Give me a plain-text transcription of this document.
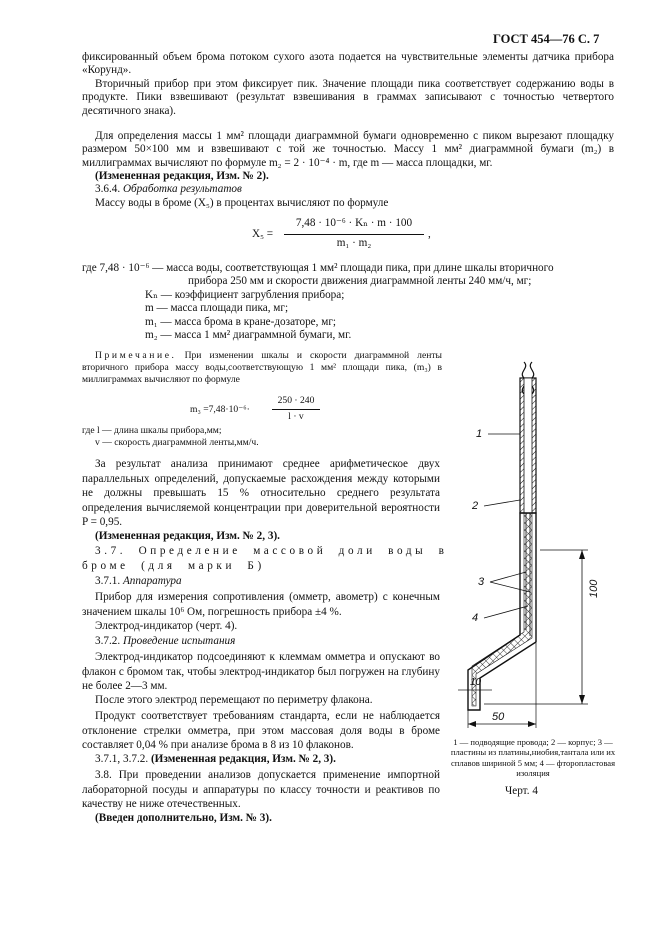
ГОСТ 454—76 С. 7
фиксированный объем брома потоком сухого азота подается на чувствительные элементы датчика прибора «Корунд».
Вторичный прибор при этом фиксирует пик. Значение площади пика соответствует содержанию воды в продукте. Пики взвешивают (результат взвешивания в граммах записывают с точностью четвертого десятичного знака).
Для определения массы 1 мм² площади диаграммной бумаги одновременно с пиком вырезают площадку размером 50×100 мм и взвешивают с той же точностью. Массу 1 мм² диаграммной бумаги (m₂) в миллиграммах вычисляют по формуле m₂ = 2 · 10⁻⁴ · m, где m — масса площадки, мг.
(Измененная редакция, Изм. № 2).
3.6.4. Обработка результатов
Массу воды в броме (X₅) в процентах вычисляют по формуле
X₅ =
7,48 · 10⁻⁶ · Kₙ · m · 100
m₁ · m₂
,
где 7,48 · 10⁻⁶ — масса воды, соответствующая 1 мм² площади пика, при длине шкалы вторичного
прибора 250 мм и скорости движения диаграммной ленты 240 мм/ч, мг;
Kₙ — коэффициент загрубления прибора;
m — масса площади пика, мг;
m₁ — масса брома в кране-дозаторе, мг;
m₂ — масса 1 мм² диаграммной бумаги, мг.
Примечание. При изменении шкалы и скорости диаграммной ленты вторичного прибора массу воды,соответствующую 1 мм² площади пика, (m₃) в миллиграммах вычисляют по формуле
m₃ =7,48·10⁻⁶·
250 · 240
l · v
где l — длина шкалы прибора,мм;
v — скорость диаграммной ленты,мм/ч.
За результат анализа принимают среднее арифметическое двух параллельных определений, допускаемые расхождения между которыми не должны превышать 15 % относительно среднего результата определения вычисляемой концентрации при доверительной вероятности P = 0,95.
(Измененная редакция, Изм. № 2, 3).
3.7. Определение массовой доли воды в
броме (для марки Б)
3.7.1. Аппаратура
Прибор для измерения сопротивления (омметр, авометр) с конечным значением шкалы 10⁶ Ом, погрешность прибора ±4 %.
Электрод-индикатор (черт. 4).
3.7.2. Проведение испытания
Электрод-индикатор подсоединяют к клеммам омметра и опускают во флакон с бромом так, чтобы электрод-индикатор был погружен на глубину не более 2—3 мм.
После этого электрод перемещают по периметру флакона.
Продукт соответствует требованиям стандарта, если не наблюдается отклонение стрелки омметра, при этом массовая доля воды в броме составляет 0,04 % при анализе брома в 8 из 10 флаконов.
3.7.1, 3.7.2. (Измененная редакция, Изм. № 2, 3).
3.8. При проведении анализов допускается применение импортной лабораторной посуды и аппаратуры по классу точности и реактивов по качеству не ниже отечественных.
(Введен дополнительно, Изм. № 3).
1
2
3
4
100
10
50
1 — подводящие провода; 2 — корпус; 3 — пластины из платины,ниобия,тантала или их сплавов шириной 5 мм; 4 — фторопластовая изоляция
Черт. 4
